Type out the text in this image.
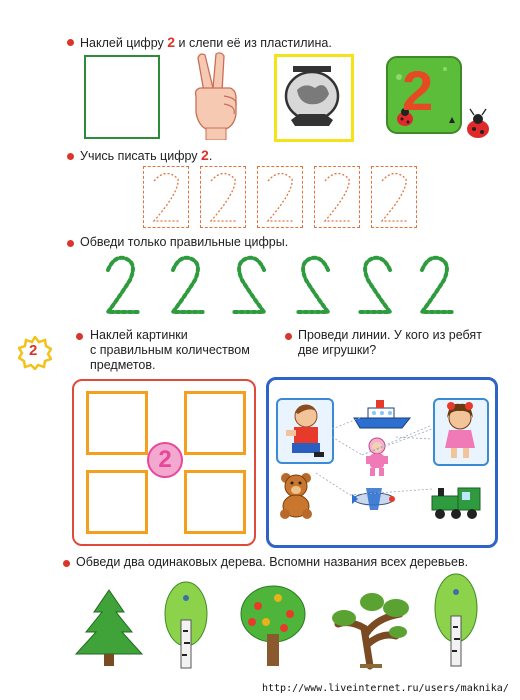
Наклей цифру 2 и слепи её из пластилина.
2
Учись писать цифру 2.
Обведи только правильные цифры.
2
Наклей картинки
с правильным количеством
предметов.
Проведи линии. У кого из ребят
две игрушки?
2
Обведи два одинаковых дерева. Вспомни названия всех деревьев.
http://www.liveinternet.ru/users/maknika/
